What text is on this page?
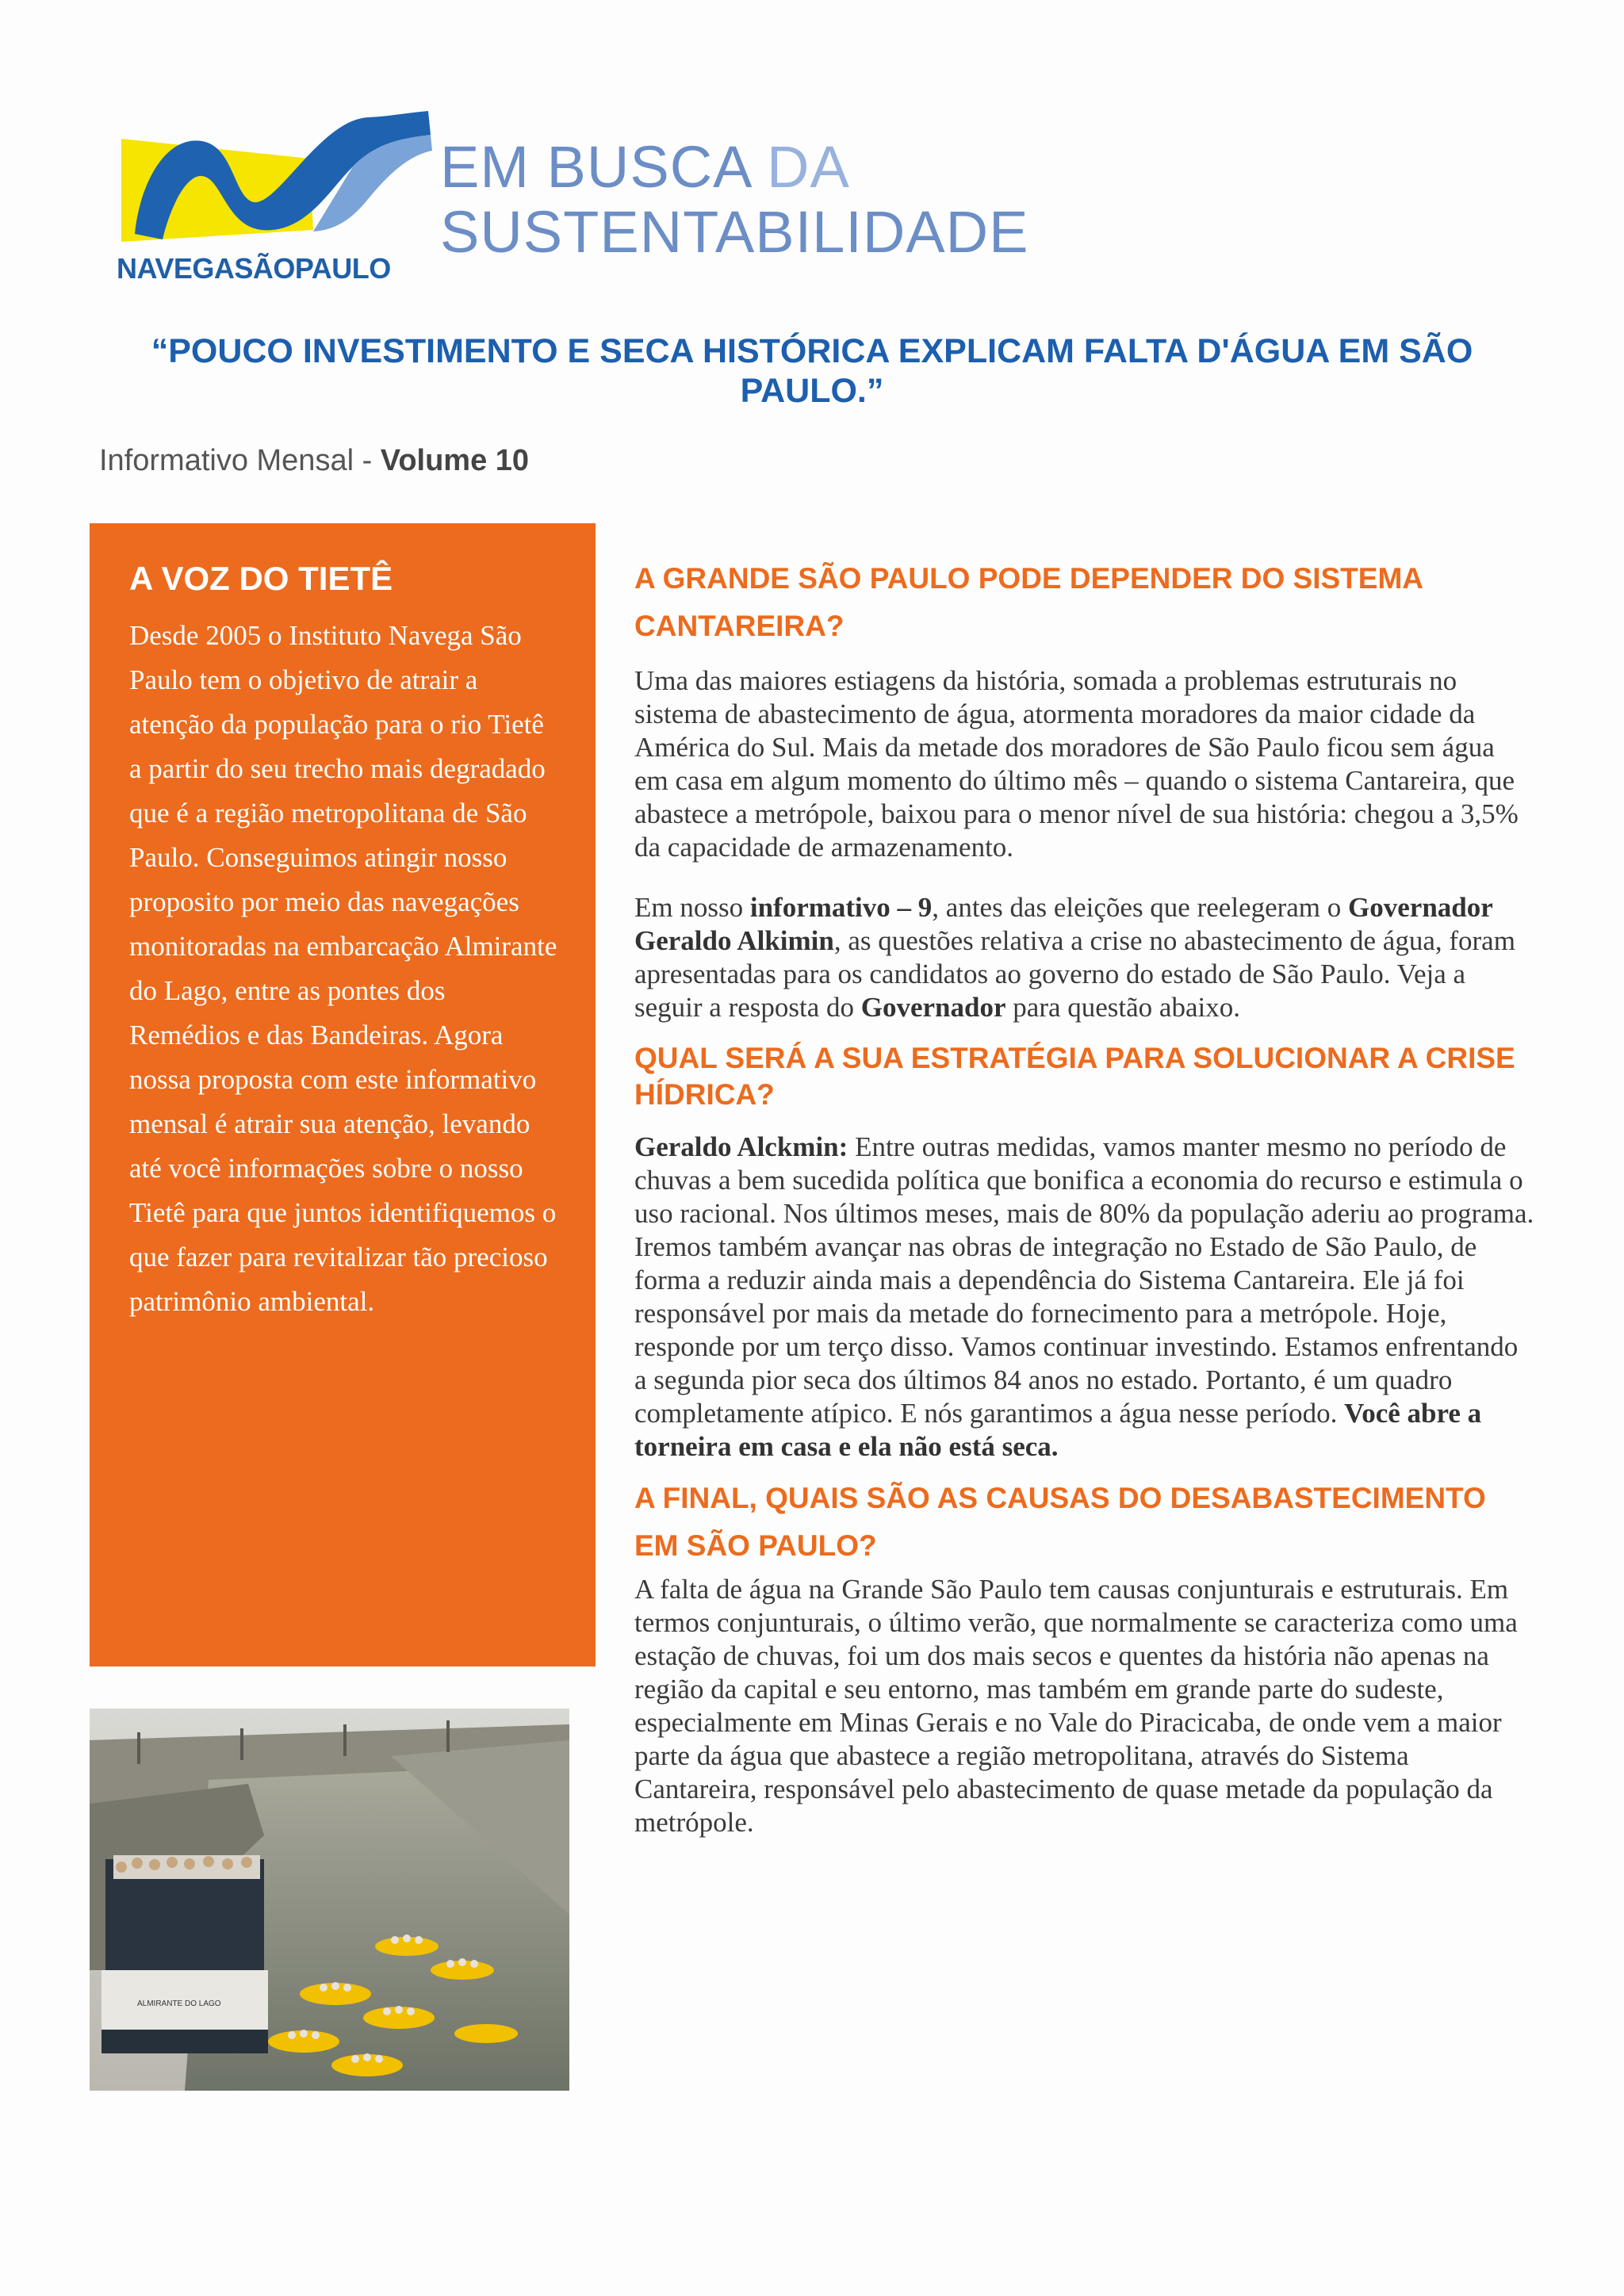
EM BUSCA DA
SUSTENTABILIDADE
NAVEGASÃOPAULO
“POUCO INVESTIMENTO E SECA HISTÓRICA EXPLICAM FALTA D'ÁGUA EM SÃO PAULO.”
Informativo Mensal - Volume 10
A VOZ DO TIETÊ

Desde 2005 o Instituto Navega São Paulo tem o objetivo de atrair a atenção da população para o rio Tietê a partir do seu trecho mais degradado que é a região metropolitana de São Paulo. Conseguimos atingir nosso proposito por meio das navegações monitoradas na embarcação Almirante do Lago, entre as pontes dos Remédios e das Bandeiras. Agora nossa proposta com este informativo mensal é atrair sua atenção, levando até você informações sobre o nosso Tietê para que juntos identifiquemos o que fazer para revitalizar tão precioso patrimônio ambiental.

ALMIRANTE DO LAGO
A GRANDE SÃO PAULO PODE DEPENDER DO SISTEMA CANTAREIRA?

Uma das maiores estiagens da história, somada a problemas estruturais no sistema de abastecimento de água, atormenta moradores da maior cidade da América do Sul. Mais da metade dos moradores de São Paulo ficou sem água em casa em algum momento do último mês – quando o sistema Cantareira, que abastece a metrópole, baixou para o menor nível de sua história: chegou a 3,5% da capacidade de armazenamento.

Em nosso informativo – 9, antes das eleições que reelegeram o Governador Geraldo Alkimin, as questões relativa a crise no abastecimento de água, foram apresentadas para os candidatos ao governo do estado de São Paulo. Veja a seguir a resposta do Governador para questão abaixo.

QUAL SERÁ A SUA ESTRATÉGIA PARA SOLUCIONAR A CRISE HÍDRICA?

Geraldo Alckmin: Entre outras medidas, vamos manter mesmo no período de chuvas a bem sucedida política que bonifica a economia do recurso e estimula o uso racional. Nos últimos meses, mais de 80% da população aderiu ao programa. Iremos também avançar nas obras de integração no Estado de São Paulo, de forma a reduzir ainda mais a dependência do Sistema Cantareira. Ele já foi responsável por mais da metade do fornecimento para a metrópole. Hoje, responde por um terço disso. Vamos continuar investindo. Estamos enfrentando a segunda pior seca dos últimos 84 anos no estado. Portanto, é um quadro completamente atípico. E nós garantimos a água nesse período. Você abre a torneira em casa e ela não está seca.

A FINAL, QUAIS SÃO AS CAUSAS DO DESABASTECIMENTO EM SÃO PAULO?

A falta de água na Grande São Paulo tem causas conjunturais e estruturais. Em termos conjunturais, o último verão, que normalmente se caracteriza como uma estação de chuvas, foi um dos mais secos e quentes da história não apenas na região da capital e seu entorno, mas também em grande parte do sudeste, especialmente em Minas Gerais e no Vale do Piracicaba, de onde vem a maior parte da água que abastece a região metropolitana, através do Sistema Cantareira, responsável pelo abastecimento de quase metade da população da metrópole.
